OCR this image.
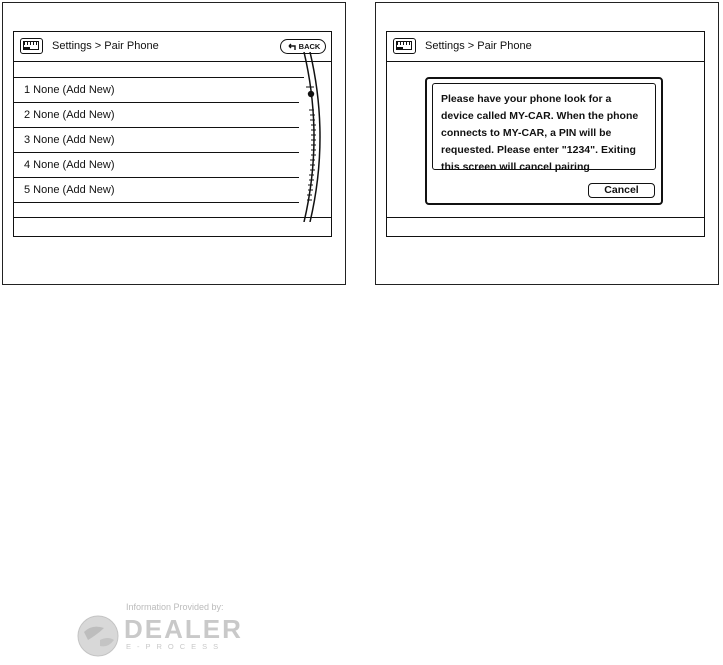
Settings > Pair Phone	BACK
1 None (Add New)
2 None (Add New)
3 None (Add New)
4 None (Add New)
5 None (Add New)
Settings > Pair Phone
Please have your phone look for a
device called MY-CAR. When the phone
connects to MY-CAR, a PIN will be
requested. Please enter "1234". Exiting
this screen will cancel pairing
Cancel
Information Provided by:
DEALER
E-PROCESS
